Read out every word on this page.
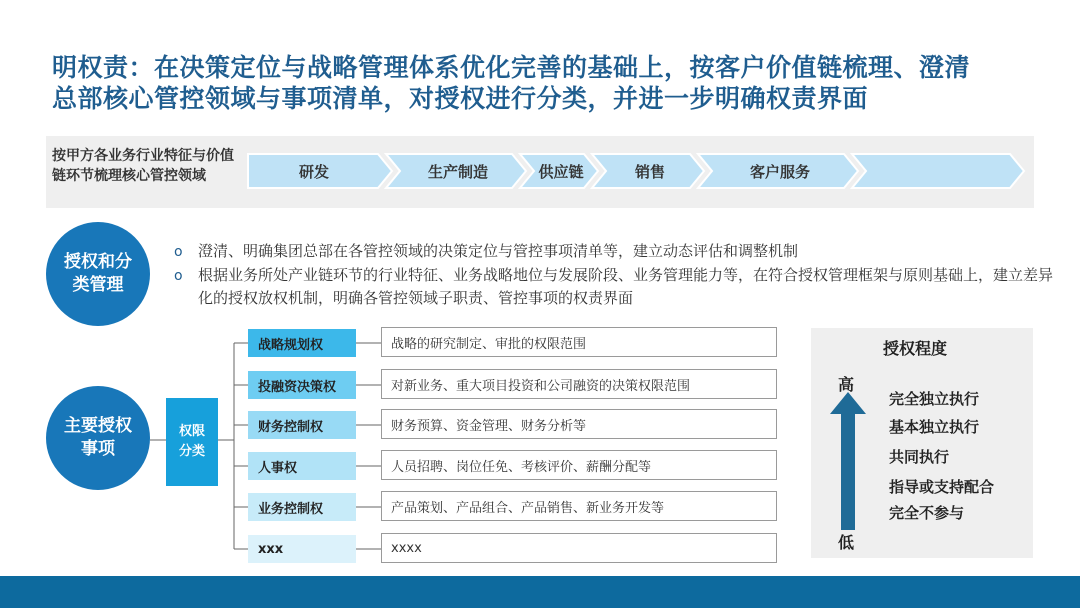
明权责：在决策定位与战略管理体系优化完善的基础上，按客户价值链梳理、澄清
总部核心管控领域与事项清单，对授权进行分类，并进一步明确权责界面
按甲方各业务行业特征与价值链环节梳理核心管控领域	研发	生产制造	供应链	销售	客户服务
授权和分类管理
o 澄清、明确集团总部在各管控领域的决策定位与管控事项清单等，建立动态评估和调整机制
o 根据业务所处产业链环节的行业特征、业务战略地位与发展阶段、业务管理能力等，在符合授权管理框架与原则基础上，建立差异化的授权放权机制，明确各管控领域子职责、管控事项的权责界面
主要授权事项
权限分类
战略规划权	战略的研究制定、审批的权限范围
投融资决策权	对新业务、重大项目投资和公司融资的决策权限范围
财务控制权	财务预算、资金管理、财务分析等
人事权	人员招聘、岗位任免、考核评价、薪酬分配等
业务控制权	产品策划、产品组合、产品销售、新业务开发等
xxx	xxxx
授权程度
高
低
完全独立执行
基本独立执行
共同执行
指导或支持配合
完全不参与
